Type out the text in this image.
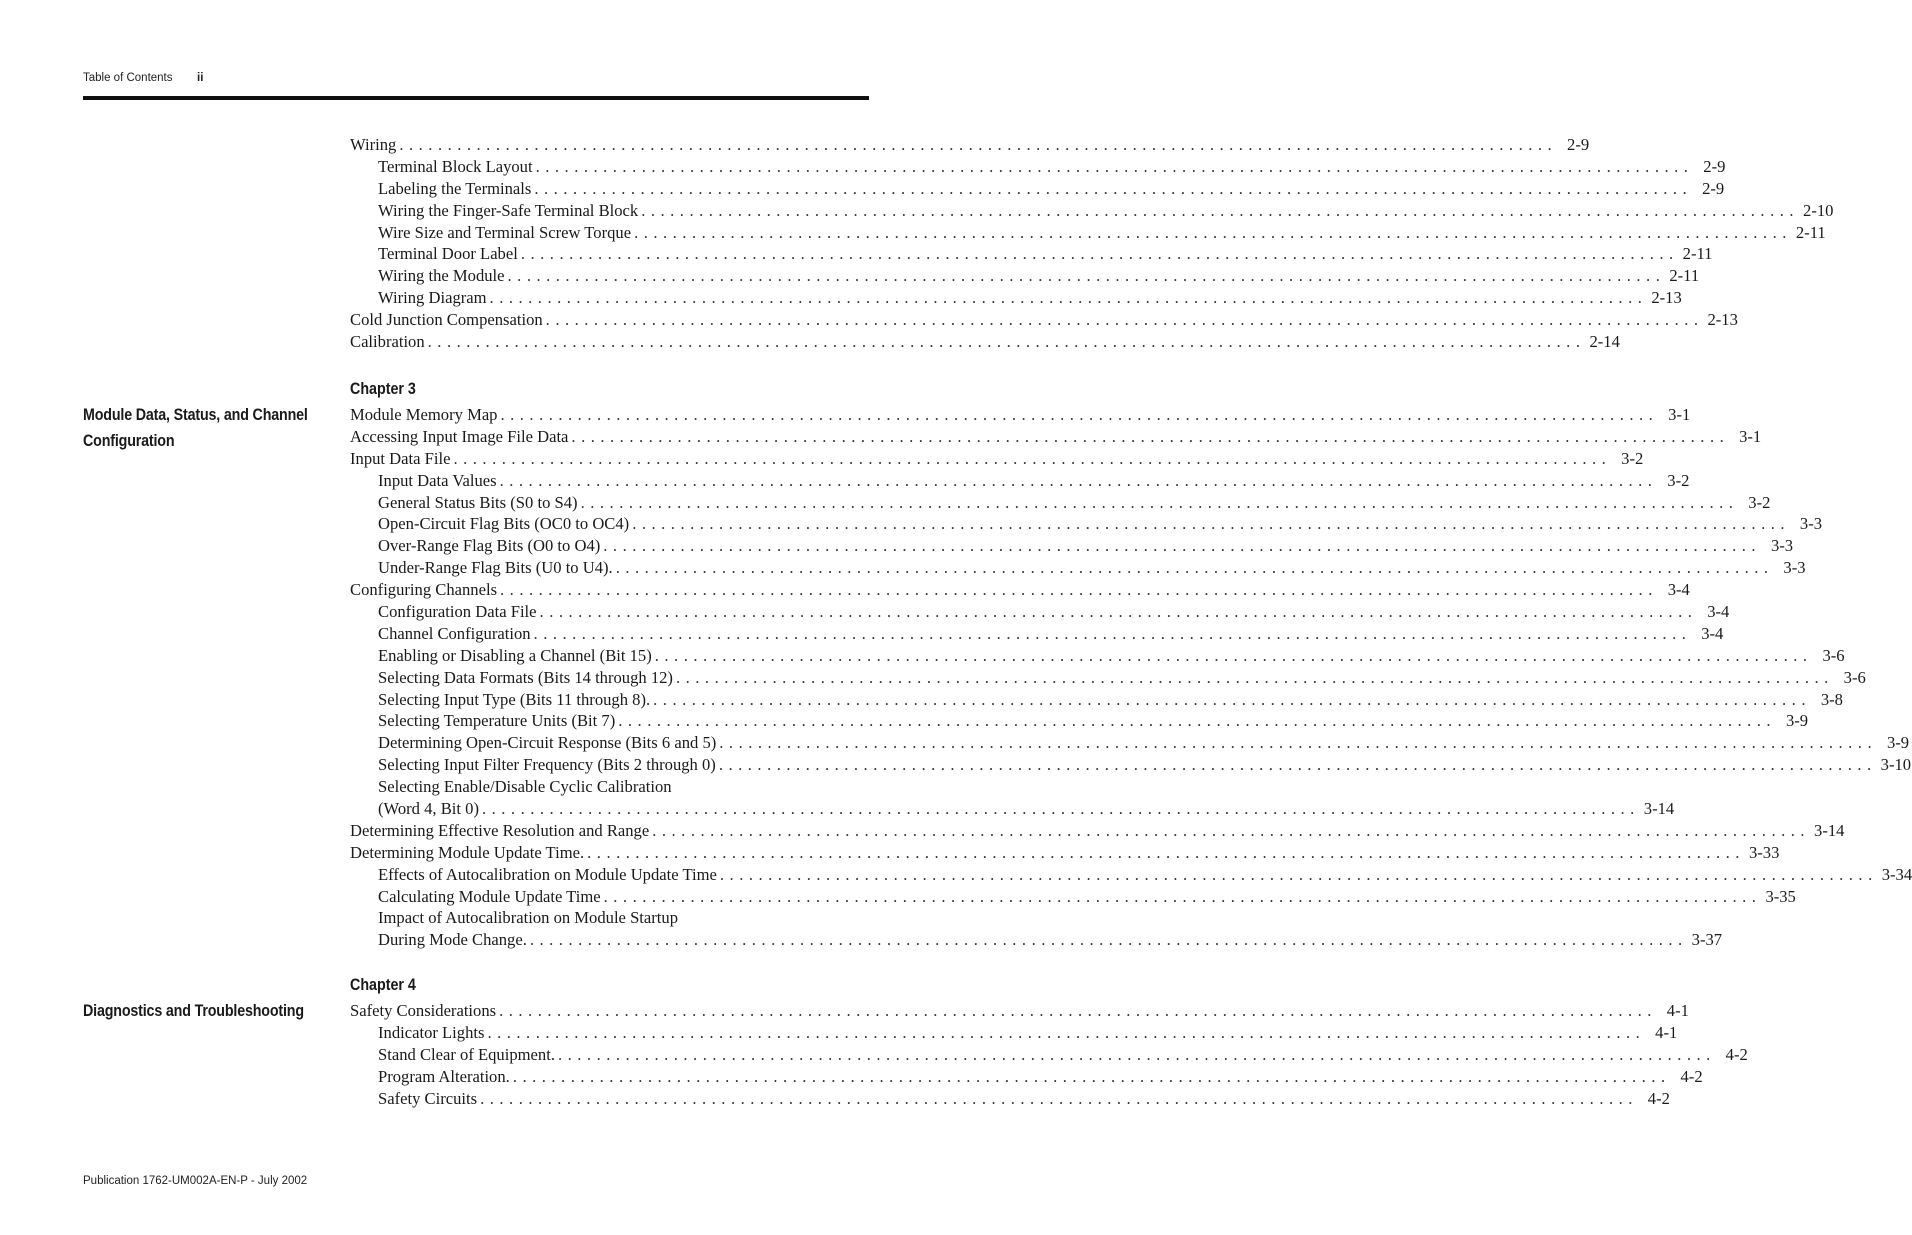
Table of Contents ii
Wiring ........................................................................................................................ 2-9
Terminal Block Layout ........................................................................................................................ 2-9
Labeling the Terminals ........................................................................................................................ 2-9
Wiring the Finger-Safe Terminal Block ........................................................................................................................ 2-10
Wire Size and Terminal Screw Torque ........................................................................................................................ 2-11
Terminal Door Label ........................................................................................................................ 2-11
Wiring the Module ........................................................................................................................ 2-11
Wiring Diagram ........................................................................................................................ 2-13
Cold Junction Compensation ........................................................................................................................ 2-13
Calibration ........................................................................................................................ 2-14
Chapter 3
Module Data, Status, and Channel
Configuration
Module Memory Map ........................................................................................................................ 3-1
Accessing Input Image File Data ........................................................................................................................ 3-1
Input Data File ........................................................................................................................ 3-2
Input Data Values ........................................................................................................................ 3-2
General Status Bits (S0 to S4) ........................................................................................................................ 3-2
Open-Circuit Flag Bits (OC0 to OC4) ........................................................................................................................ 3-3
Over-Range Flag Bits (O0 to O4) ........................................................................................................................ 3-3
Under-Range Flag Bits (U0 to U4). ........................................................................................................................ 3-3
Configuring Channels ........................................................................................................................ 3-4
Configuration Data File ........................................................................................................................ 3-4
Channel Configuration ........................................................................................................................ 3-4
Enabling or Disabling a Channel (Bit 15) ........................................................................................................................ 3-6
Selecting Data Formats (Bits 14 through 12) ........................................................................................................................ 3-6
Selecting Input Type (Bits 11 through 8). ........................................................................................................................ 3-8
Selecting Temperature Units (Bit 7) ........................................................................................................................ 3-9
Determining Open-Circuit Response (Bits 6 and 5) ........................................................................................................................ 3-9
Selecting Input Filter Frequency (Bits 2 through 0) ........................................................................................................................ 3-10
Selecting Enable/Disable Cyclic Calibration
(Word 4, Bit 0) ........................................................................................................................ 3-14
Determining Effective Resolution and Range ........................................................................................................................ 3-14
Determining Module Update Time. ........................................................................................................................ 3-33
Effects of Autocalibration on Module Update Time ........................................................................................................................ 3-34
Calculating Module Update Time ........................................................................................................................ 3-35
Impact of Autocalibration on Module Startup
During Mode Change. ........................................................................................................................ 3-37
Chapter 4
Diagnostics and Troubleshooting	Safety Considerations ........................................................................................................................ 4-1
Indicator Lights ........................................................................................................................ 4-1
Stand Clear of Equipment. ........................................................................................................................ 4-2
Program Alteration. ........................................................................................................................ 4-2
Safety Circuits ........................................................................................................................ 4-2
Publication 1762-UM002A-EN-P - July 2002
